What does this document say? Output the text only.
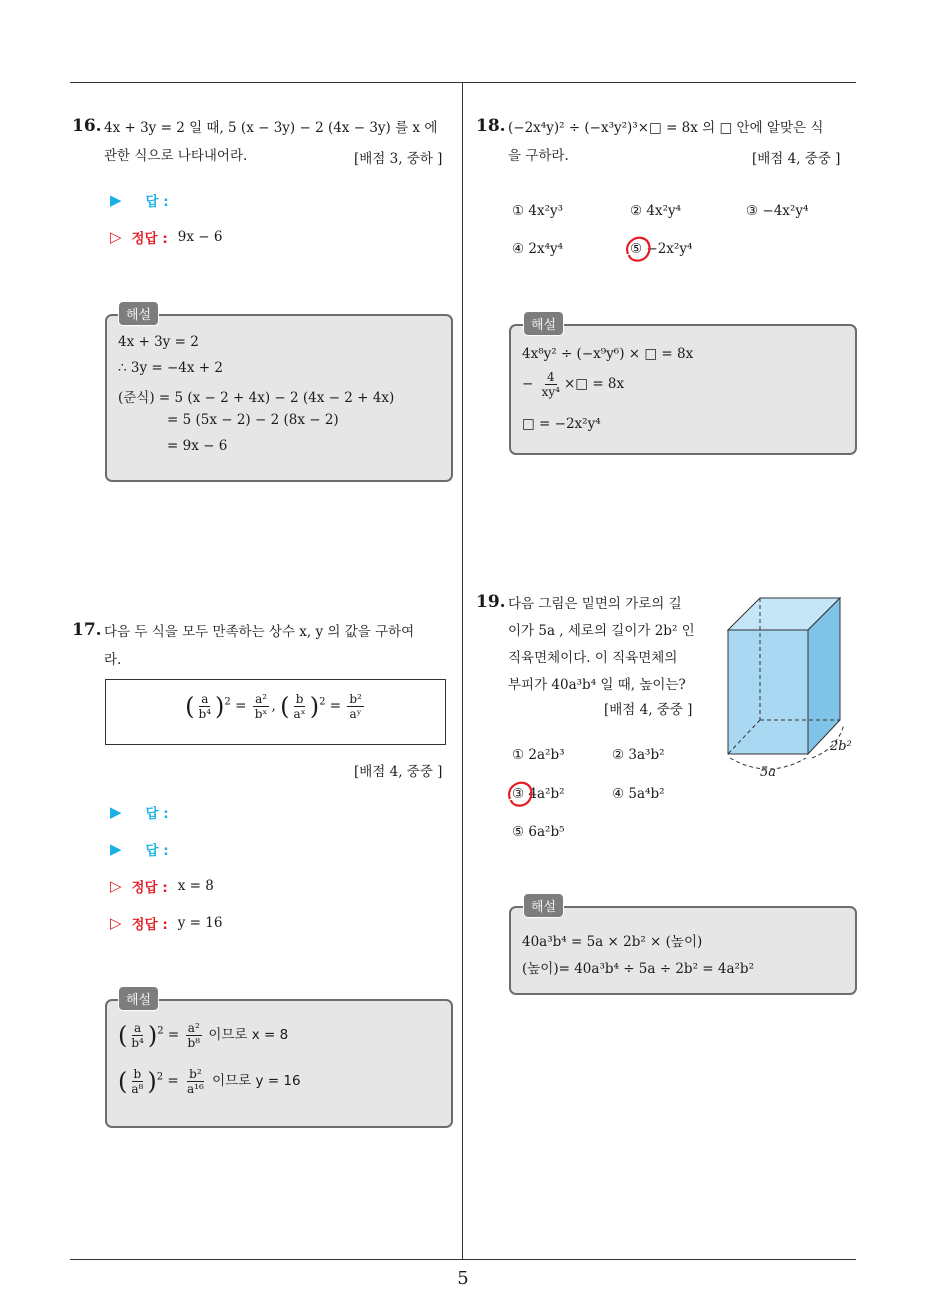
16. 4x + 3y = 2 일 때, 5 (x − 3y) − 2 (4x − 3y) 를 x 에
관한 식으로 나타내어라.	[배점 3, 중하 ]
▶ 답 :
▷ 정답 : 9x − 6
4x + 3y = 2
∴ 3y = −4x + 2
(준식) = 5 (x − 2 + 4x) − 2 (4x − 2 + 4x)
= 5 (5x − 2) − 2 (8x − 2)
= 9x − 6
해설
17. 다음 두 식을 모두 만족하는 상수 x, y 의 값을 구하여
라.
( $\frac{a}{\text{b⁴}} )^2 = \frac{\text{a²}}{\text{bˣ}}$ , ( $\frac{b}{\text{aˣ}} )^2 = \frac{\text{b²}}{\text{aʸ}}$
[배점 4, 중중 ]
▶ 답 :
▶ 답 :
▷ 정답 : x = 8
▷ 정답 : y = 16
( $\frac{a}{\text{b⁴}} )^2 = \frac{\text{a²}}{\text{b⁸}}$ 이므로 x = 8
( $\frac{b}{\text{a⁸}} )^2 = \frac{\text{b²}}{\text{a¹⁶}}$ 이므로 y = 16
해설
18. (−2x⁴y)² ÷ (−x³y²)³×□ = 8x 의 □ 안에 알맞은 식
을 구하라.	[배점 4, 중중 ]
① 4x²y³	② 4x²y⁴	③ −4x²y⁴
④ 2x⁴y⁴	⑤ −2x²y⁴
4x⁸y² ÷ (−x⁹y⁶) × □ = 8x
− $\frac{4}{\text{xy⁴}}$ ×□ = 8x
□ = −2x²y⁴
해설
19. 다음 그림은 밑면의 가로의 길
이가 5a , 세로의 길이가 2b² 인
직육면체이다. 이 직육면체의
부피가 40a³b⁴ 일 때, 높이는?
[배점 4, 중중 ]
5a
2b²
① 2a²b³	② 3a³b²
③ 4a²b²	④ 5a⁴b²
⑤ 6a²b⁵
40a³b⁴ = 5a × 2b² × (높이)
(높이)= 40a³b⁴ ÷ 5a ÷ 2b² = 4a²b²
해설
5
